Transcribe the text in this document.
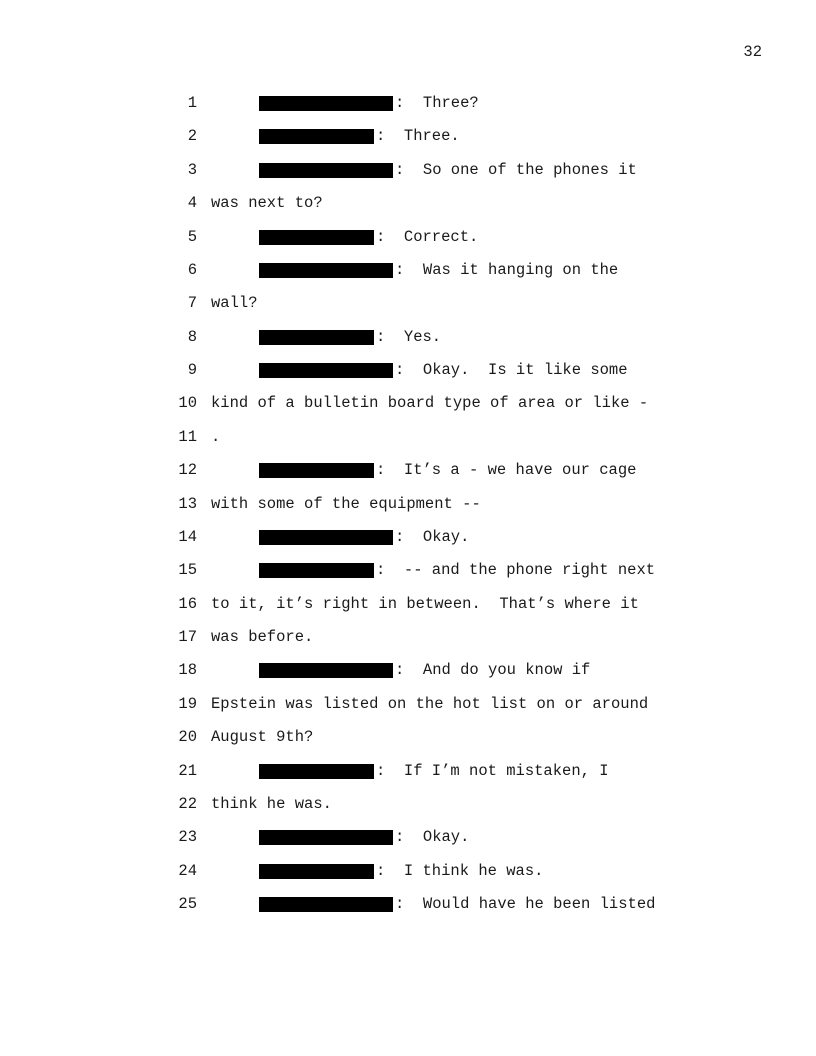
32
1	:  Three?
2	:  Three.
3	:  So one of the phones it
4 was next to?
5	:  Correct.
6	:  Was it hanging on the
7 wall?
8	:  Yes.
9	:  Okay.  Is it like some
10 kind of a bulletin board type of area or like -
11 .
12	:  It’s a - we have our cage
13 with some of the equipment --
14	:  Okay.
15	:  -- and the phone right next
16 to it, it’s right in between.  That’s where it
17 was before.
18	:  And do you know if
19 Epstein was listed on the hot list on or around
20 August 9th?
21	:  If I’m not mistaken, I
22 think he was.
23	:  Okay.
24	:  I think he was.
25	:  Would have he been listed
